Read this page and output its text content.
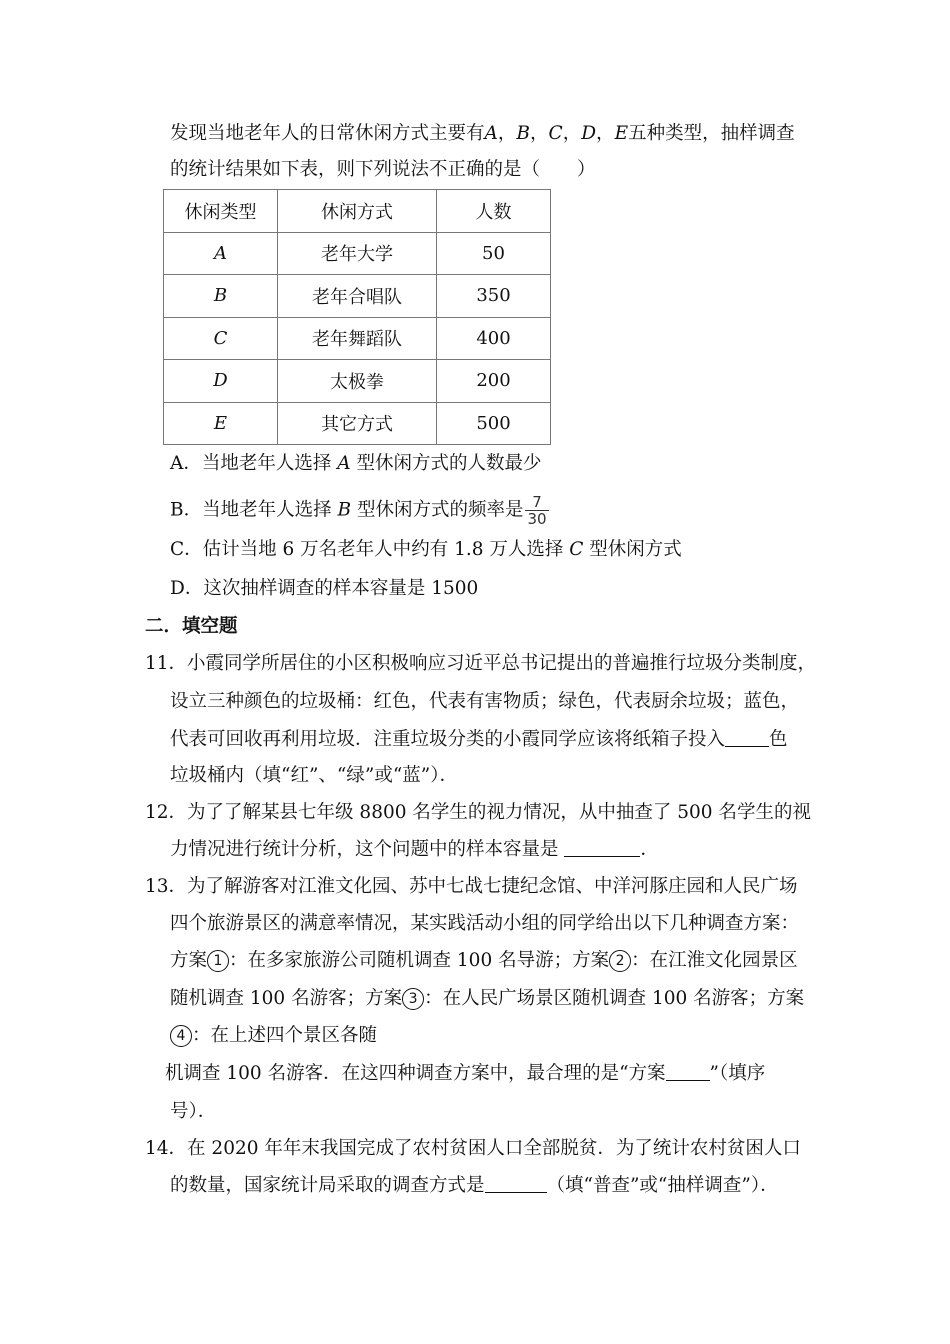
发现当地老年人的日常休闲方式主要有A，B，C，D，E五种类型，抽样调查
的统计结果如下表，则下列说法不正确的是（　　）
休闲类型	休闲方式	人数
A	老年大学	50
B	老年合唱队	350
C	老年舞蹈队	400
D	太极拳	200
E	其它方式	500
A．当地老年人选择 A 型休闲方式的人数最少
B．当地老年人选择 B 型休闲方式的频率是 $\frac{7}{30}$
C．估计当地 6 万名老年人中约有 1.8 万人选择 C 型休闲方式
D．这次抽样调查的样本容量是 1500
二．填空题
11．小霞同学所居住的小区积极响应习近平总书记提出的普遍推行垃圾分类制度，
设立三种颜色的垃圾桶：红色，代表有害物质；绿色，代表厨余垃圾；蓝色，
代表可回收再利用垃圾．注重垃圾分类的小霞同学应该将纸箱子投入 色
垃圾桶内（填“红”、“绿”或“蓝”）．
12．为了了解某县七年级 8800 名学生的视力情况，从中抽查了 500 名学生的视
力情况进行统计分析，这个问题中的样本容量是	．
13．为了解游客对江淮文化园、苏中七战七捷纪念馆、中洋河豚庄园和人民广场
四个旅游景区的满意率情况，某实践活动小组的同学给出以下几种调查方案：
方案 1 ：在多家旅游公司随机调查 100 名导游；方案 2 ：在江淮文化园景区
随机调查 100 名游客；方案 3 ：在人民广场景区随机调查 100 名游客；方案
4 ：在上述四个景区各随
机调查 100 名游客．在这四种调查方案中，最合理的是“方案 ”（填序
号）．
14．在 2020 年年末我国完成了农村贫困人口全部脱贫．为了统计农村贫困人口
的数量，国家统计局采取的调查方式是	（填“普查”或“抽样调查”）．
